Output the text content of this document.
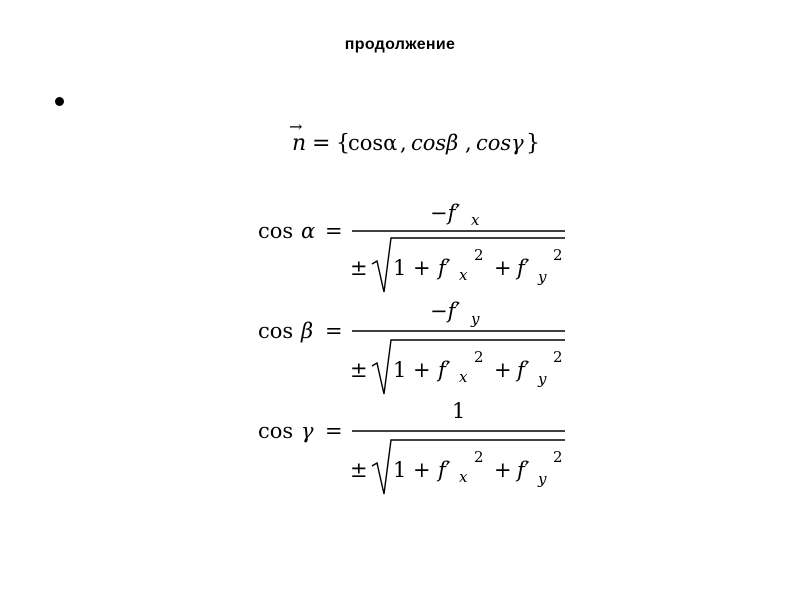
продолжение
n
→
= {
cosα , cosβ , cosγ }
cos α =
−f′ x
± 1 + f′ x
2
+ f′ y
2
cos β =
−f′ y
± 1 + f′ x
2
+ f′ y
2
cos γ =
1
± 1 + f′ x
2
+ f′ y
2
